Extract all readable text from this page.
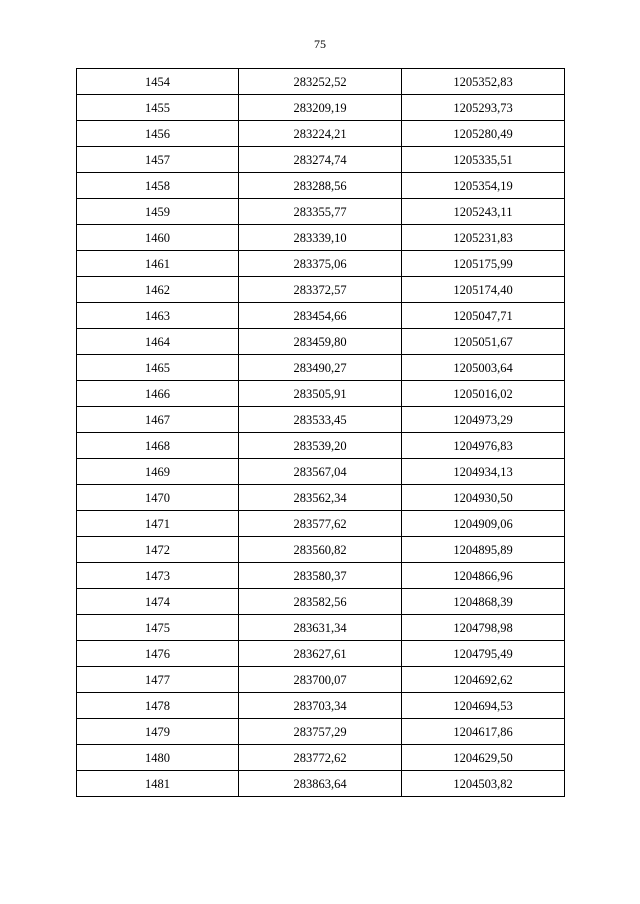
75
1454	283252,52	1205352,83
1455	283209,19	1205293,73
1456	283224,21	1205280,49
1457	283274,74	1205335,51
1458	283288,56	1205354,19
1459	283355,77	1205243,11
1460	283339,10	1205231,83
1461	283375,06	1205175,99
1462	283372,57	1205174,40
1463	283454,66	1205047,71
1464	283459,80	1205051,67
1465	283490,27	1205003,64
1466	283505,91	1205016,02
1467	283533,45	1204973,29
1468	283539,20	1204976,83
1469	283567,04	1204934,13
1470	283562,34	1204930,50
1471	283577,62	1204909,06
1472	283560,82	1204895,89
1473	283580,37	1204866,96
1474	283582,56	1204868,39
1475	283631,34	1204798,98
1476	283627,61	1204795,49
1477	283700,07	1204692,62
1478	283703,34	1204694,53
1479	283757,29	1204617,86
1480	283772,62	1204629,50
1481	283863,64	1204503,82
